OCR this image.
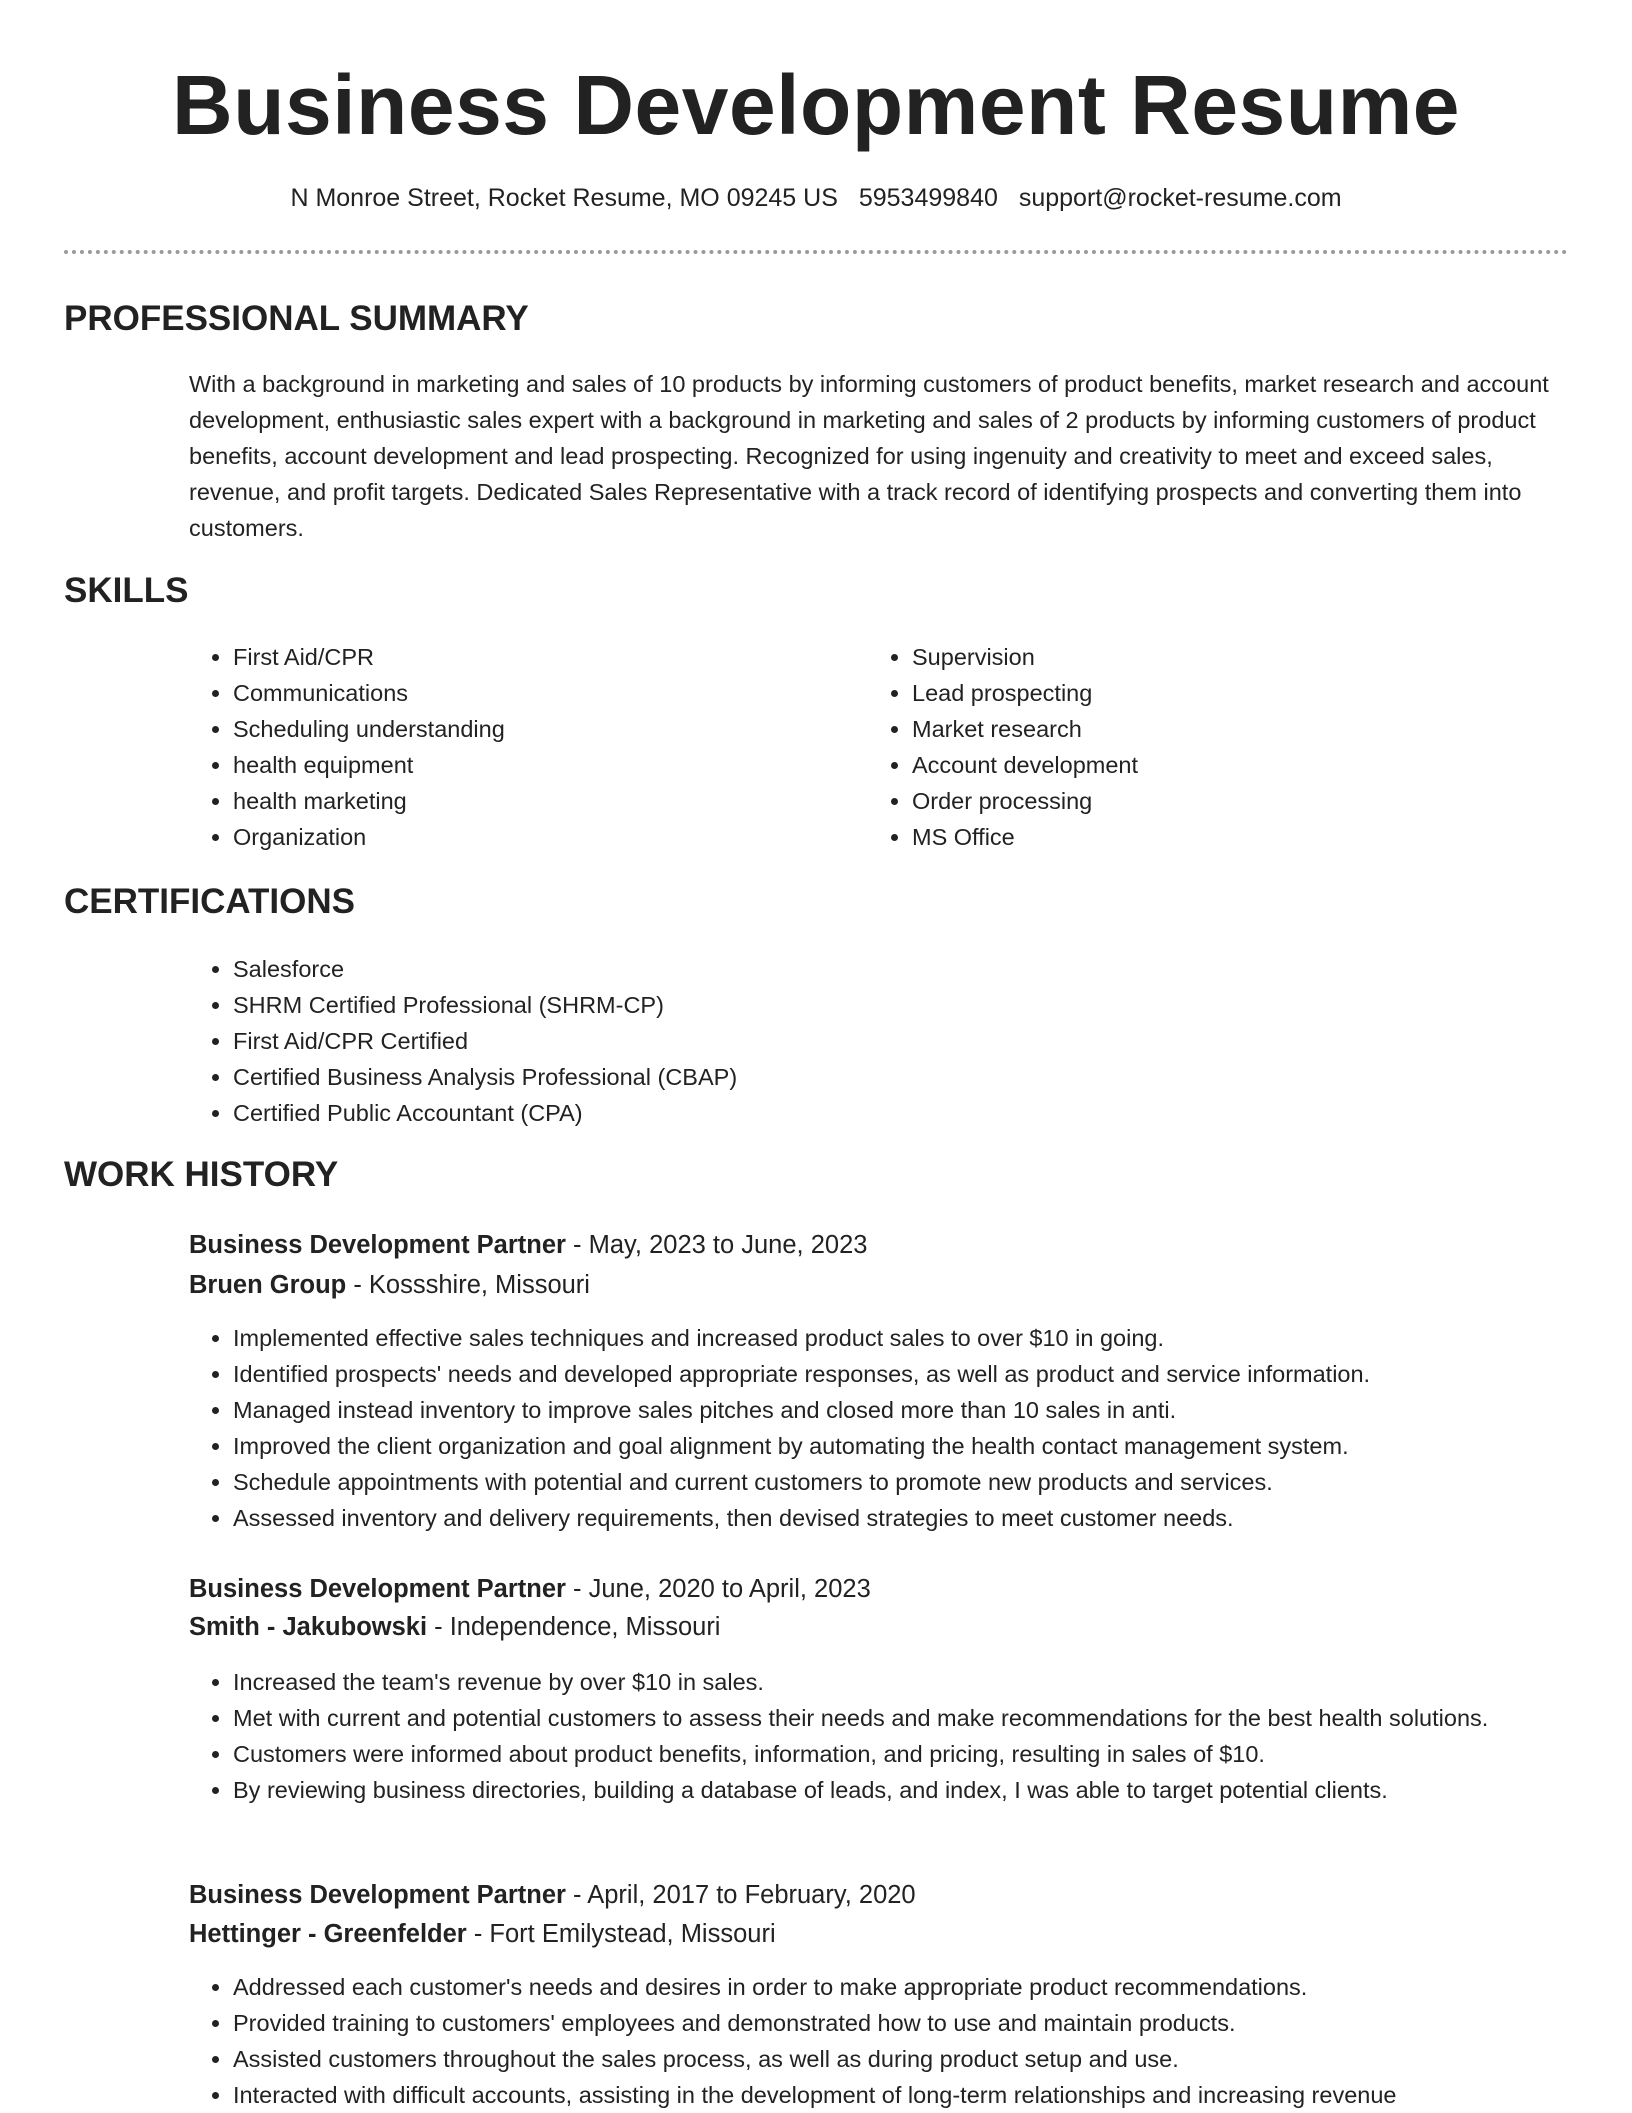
Business Development Resume
N Monroe Street, Rocket Resume, MO 09245 US 5953499840 support@rocket-resume.com
PROFESSIONAL SUMMARY

With a background in marketing and sales of 10 products by informing customers of product benefits, market research and account development, enthusiastic sales expert with a background in marketing and sales of 2 products by informing customers of product benefits, account development and lead prospecting. Recognized for using ingenuity and creativity to meet and exceed sales, revenue, and profit targets. Dedicated Sales Representative with a track record of identifying prospects and converting them into customers.

SKILLS
• First Aid/CPR
• Communications
• Scheduling understanding
• health equipment
• health marketing
• Organization
• Supervision
• Lead prospecting
• Market research
• Account development
• Order processing
• MS Office
CERTIFICATIONS
• Salesforce
• SHRM Certified Professional (SHRM-CP)
• First Aid/CPR Certified
• Certified Business Analysis Professional (CBAP)
• Certified Public Accountant (CPA)
WORK HISTORY
Business Development Partner - May, 2023 to June, 2023
Bruen Group - Kossshire, Missouri
• Implemented effective sales techniques and increased product sales to over $10 in going.
• Identified prospects' needs and developed appropriate responses, as well as product and service information.
• Managed instead inventory to improve sales pitches and closed more than 10 sales in anti.
• Improved the client organization and goal alignment by automating the health contact management system.
• Schedule appointments with potential and current customers to promote new products and services.
• Assessed inventory and delivery requirements, then devised strategies to meet customer needs.
Business Development Partner - June, 2020 to April, 2023
Smith - Jakubowski - Independence, Missouri
• Increased the team's revenue by over $10 in sales.
• Met with current and potential customers to assess their needs and make recommendations for the best health solutions.
• Customers were informed about product benefits, information, and pricing, resulting in sales of $10.
• By reviewing business directories, building a database of leads, and index, I was able to target potential clients.
Business Development Partner - April, 2017 to February, 2020
Hettinger - Greenfelder - Fort Emilystead, Missouri
• Addressed each customer's needs and desires in order to make appropriate product recommendations.
• Provided training to customers' employees and demonstrated how to use and maintain products.
• Assisted customers throughout the sales process, as well as during product setup and use.
• Interacted with difficult accounts, assisting in the development of long-term relationships and increasing revenue
